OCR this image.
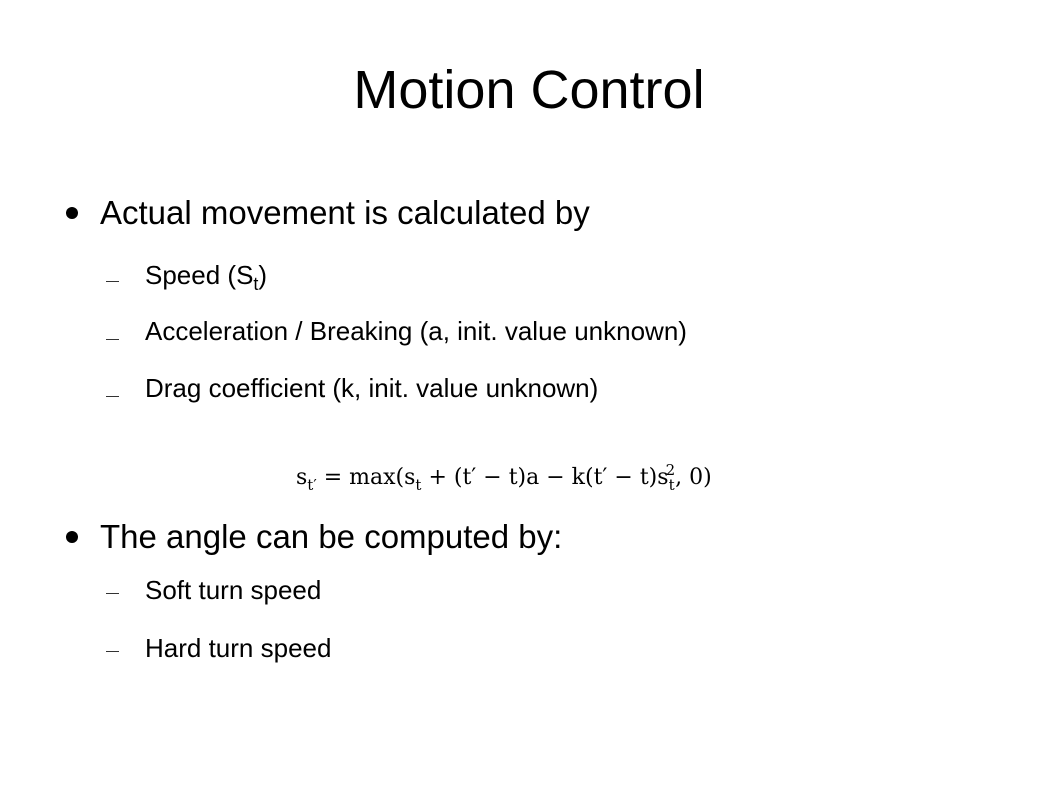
Motion Control
Actual movement is calculated by
Speed $(S_t)$
Acceleration / Breaking (a, init. value unknown)
Drag coefficient (k, init. value unknown)
$s_{t'} = \max(s_t + (t' - t)a - k(t' - t)s_t^2$, 0)
The angle can be computed by:
Soft turn speed
Hard turn speed
